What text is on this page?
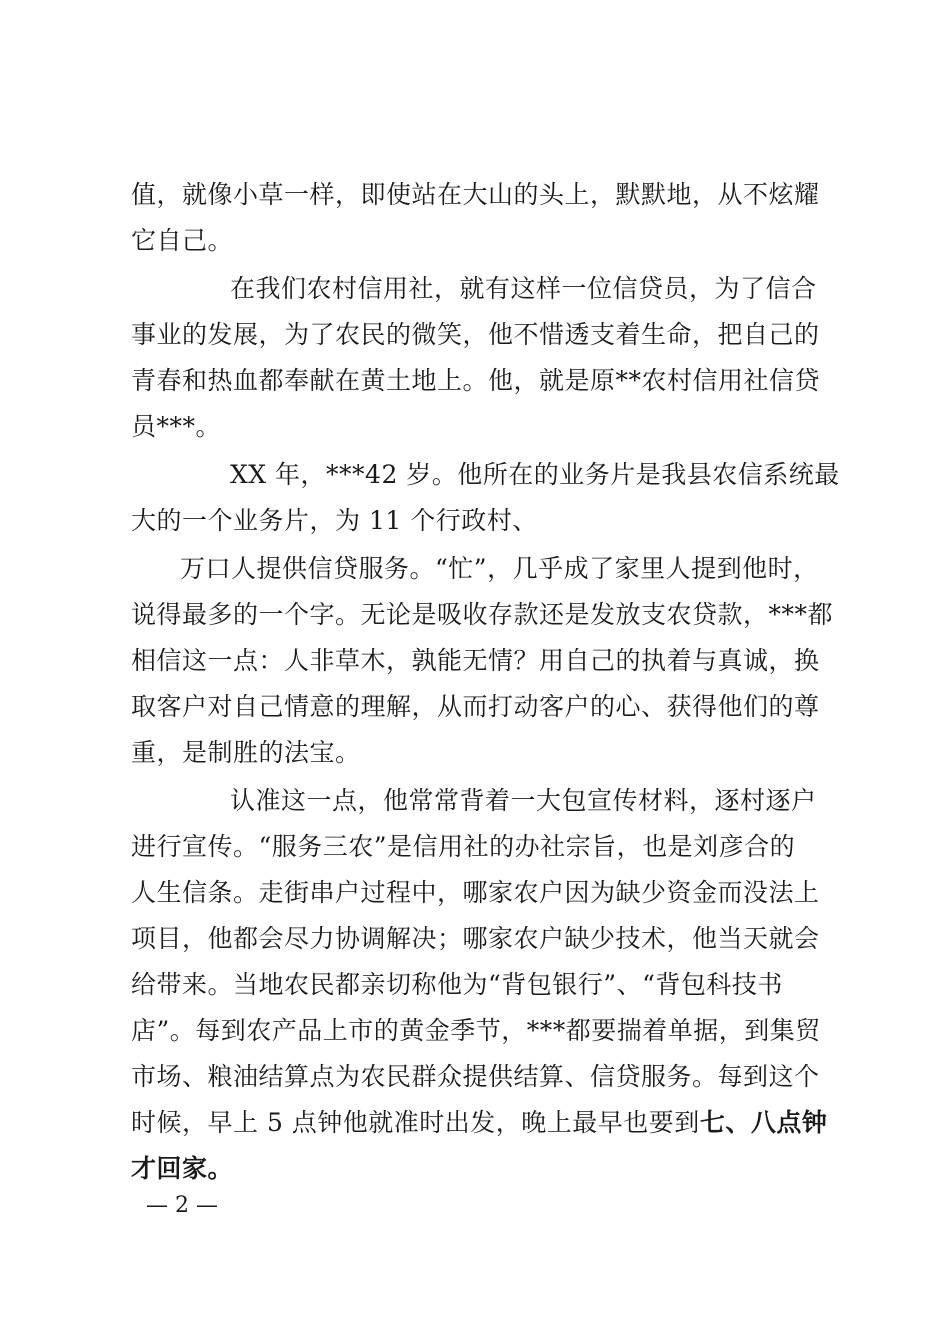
值，就像小草一样，即使站在大山的头上，默默地，从不炫耀
它自己。
在我们农村信用社，就有这样一位信贷员，为了信合
事业的发展，为了农民的微笑，他不惜透支着生命，把自己的
青春和热血都奉献在黄土地上。他，就是原**农村信用社信贷
员***。
XX 年，***42 岁。他所在的业务片是我县农信系统最
大的一个业务片，为 11 个行政村、
万口人提供信贷服务。“忙”，几乎成了家里人提到他时，
说得最多的一个字。无论是吸收存款还是发放支农贷款，***都
相信这一点：人非草木，孰能无情？用自己的执着与真诚，换
取客户对自己情意的理解，从而打动客户的心、获得他们的尊
重，是制胜的法宝。
认准这一点，他常常背着一大包宣传材料，逐村逐户
进行宣传。“服务三农”是信用社的办社宗旨，也是刘彦合的
人生信条。走街串户过程中，哪家农户因为缺少资金而没法上
项目，他都会尽力协调解决；哪家农户缺少技术，他当天就会
给带来。当地农民都亲切称他为“背包银行”、“背包科技书
店”。每到农产品上市的黄金季节，***都要揣着单据，到集贸
市场、粮油结算点为农民群众提供结算、信贷服务。每到这个
时候，早上 5 点钟他就准时出发，晚上最早也要到七、八点钟
才回家。
— 2 —
